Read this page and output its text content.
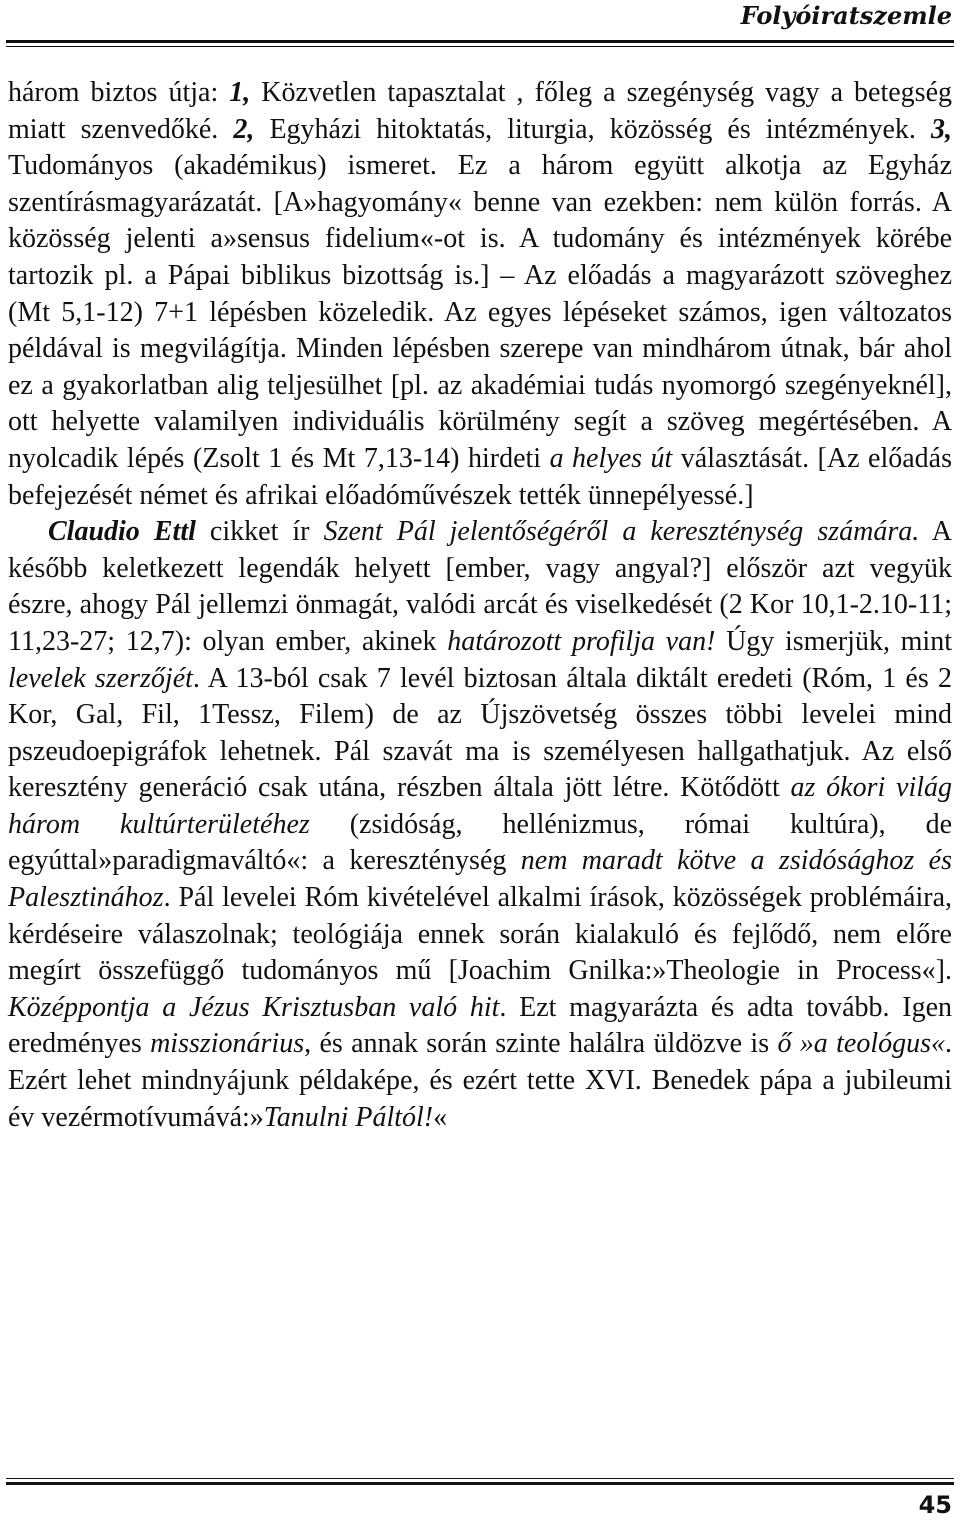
Folyóiratszemle

három biztos útja: 1, Közvetlen tapasztalat , főleg a szegénység vagy a betegség miatt szenvedőké. 2, Egyházi hitoktatás, liturgia, közösség és intézmények. 3, Tudományos (akadémikus) ismeret. Ez a három együtt alkotja az Egyház szentírásmagyarázatát. [A»hagyomány« benne van ezekben: nem külön forrás. A közösség jelenti a»sensus fidelium«-ot is. A tudomány és intézmények körébe tartozik pl. a Pápai biblikus bizottság is.] – Az előadás a magyarázott szöveghez (Mt 5,1-12) 7+1 lépésben közeledik. Az egyes lépéseket számos, igen változatos példával is megvilágítja. Minden lépésben szerepe van mindhárom útnak, bár ahol ez a gyakorlatban alig teljesülhet [pl. az akadémiai tudás nyomorgó szegényeknél], ott helyette valamilyen individuális körülmény segít a szöveg megértésében. A nyolcadik lépés (Zsolt 1 és Mt 7,13-14) hirdeti a helyes út választását. [Az előadás befejezését német és afrikai előadóművészek tették ünnepélyessé.]

Claudio Ettl cikket ír Szent Pál jelentőségéről a kereszténység számára. A később keletkezett legendák helyett [ember, vagy angyal?] először azt vegyük észre, ahogy Pál jellemzi önmagát, valódi arcát és viselkedését (2 Kor 10,1-2.10-11; 11,23-27; 12,7): olyan ember, akinek határozott profilja van! Úgy ismerjük, mint levelek szerzőjét. A 13-ból csak 7 levél biztosan általa diktált eredeti (Róm, 1 és 2 Kor, Gal, Fil, 1Tessz, Filem) de az Újszövetség összes többi levelei mind pszeudoepigráfok lehetnek. Pál szavát ma is személyesen hallgathatjuk. Az első keresztény generáció csak utána, részben általa jött létre. Kötődött az ókori világ három kultúrterületéhez (zsidóság, hellénizmus, római kultúra), de egyúttal»paradigmaváltó«: a kereszténység nem maradt kötve a zsidósághoz és Palesztinához. Pál levelei Róm kivételével alkalmi írások, közösségek problémáira, kérdéseire válaszolnak; teológiája ennek során kialakuló és fejlődő, nem előre megírt összefüggő tudományos mű [Joachim Gnilka:»Theologie in Process«]. Középpontja a Jézus Krisztusban való hit. Ezt magyarázta és adta tovább. Igen eredményes misszionárius, és annak során szinte halálra üldözve is ő »a teológus«. Ezért lehet mindnyájunk példaképe, és ezért tette XVI. Benedek pápa a jubileumi év vezérmotívumává:»Tanulni Páltól!«

45
